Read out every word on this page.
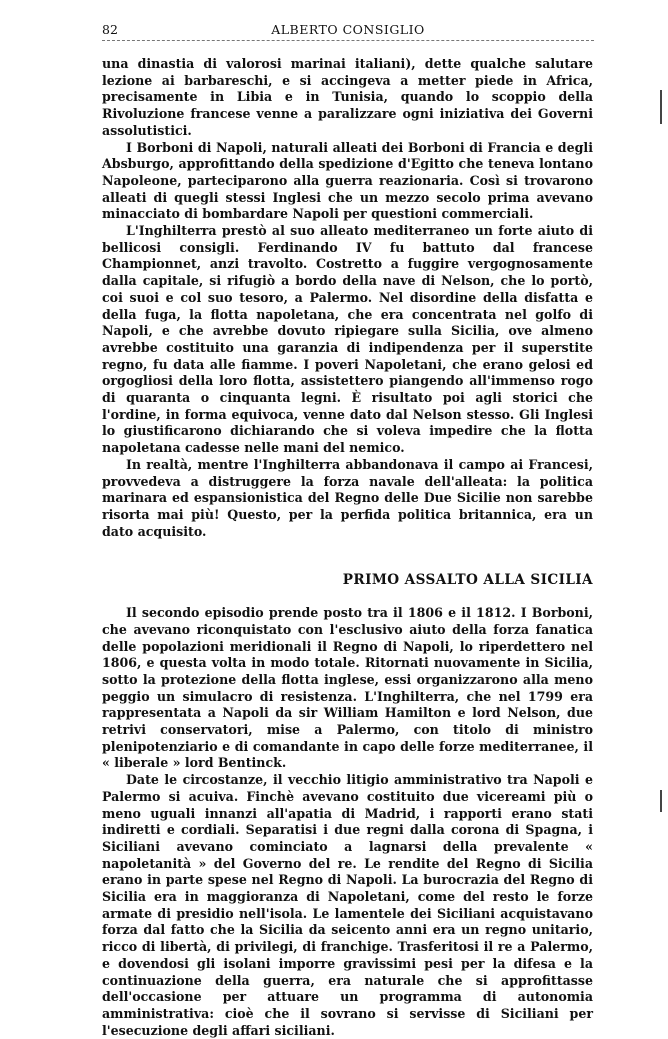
82	ALBERTO CONSIGLIO

una dinastia di valorosi marinai italiani), dette qualche salutare lezione ai barbareschi, e si accingeva a metter piede in Africa, precisamente in Libia e in Tunisia, quando lo scoppio della Rivoluzione francese venne a paralizzare ogni iniziativa dei Governi assolutistici.

I Borboni di Napoli, naturali alleati dei Borboni di Francia e degli Absburgo, approfittando della spedizione d'Egitto che teneva lontano Napoleone, parteciparono alla guerra reazionaria. Così si trovarono alleati di quegli stessi Inglesi che un mezzo secolo prima avevano minacciato di bombardare Napoli per questioni commerciali.

L'Inghilterra prestò al suo alleato mediterraneo un forte aiuto di bellicosi consigli. Ferdinando IV fu battuto dal francese Championnet, anzi travolto. Costretto a fuggire vergognosamente dalla capitale, si rifugiò a bordo della nave di Nelson, che lo portò, coi suoi e col suo tesoro, a Palermo. Nel disordine della disfatta e della fuga, la flotta napoletana, che era concentrata nel golfo di Napoli, e che avrebbe dovuto ripiegare sulla Sicilia, ove almeno avrebbe costituito una garanzia di indipendenza per il superstite regno, fu data alle fiamme. I poveri Napoletani, che erano gelosi ed orgogliosi della loro flotta, assistettero piangendo all'immenso rogo di quaranta o cinquanta legni. È risultato poi agli storici che l'ordine, in forma equivoca, venne dato dal Nelson stesso. Gli Inglesi lo giustificarono dichiarando che si voleva impedire che la flotta napoletana cadesse nelle mani del nemico.

In realtà, mentre l'Inghilterra abbandonava il campo ai Francesi, provvedeva a distruggere la forza navale dell'alleata: la politica marinara ed espansionistica del Regno delle Due Sicilie non sarebbe risorta mai più! Questo, per la perfida politica britannica, era un dato acquisito.

PRIMO ASSALTO ALLA SICILIA

Il secondo episodio prende posto tra il 1806 e il 1812. I Borboni, che avevano riconquistato con l'esclusivo aiuto della forza fanatica delle popolazioni meridionali il Regno di Napoli, lo riperdettero nel 1806, e questa volta in modo totale. Ritornati nuovamente in Sicilia, sotto la protezione della flotta inglese, essi organizzarono alla meno peggio un simulacro di resistenza. L'Inghilterra, che nel 1799 era rappresentata a Napoli da sir William Hamilton e lord Nelson, due retrivi conservatori, mise a Palermo, con titolo di ministro plenipotenziario e di comandante in capo delle forze mediterranee, il « liberale » lord Bentinck.

Date le circostanze, il vecchio litigio amministrativo tra Napoli e Palermo si acuiva. Finchè avevano costituito due vicereami più o meno uguali innanzi all'apatia di Madrid, i rapporti erano stati indiretti e cordiali. Separatisi i due regni dalla corona di Spagna, i Siciliani avevano cominciato a lagnarsi della prevalente « napoletanità » del Governo del re. Le rendite del Regno di Sicilia erano in parte spese nel Regno di Napoli. La burocrazia del Regno di Sicilia era in maggioranza di Napoletani, come del resto le forze armate di presidio nell'isola. Le lamentele dei Siciliani acquistavano forza dal fatto che la Sicilia da seicento anni era un regno unitario, ricco di libertà, di privilegi, di franchige. Trasferitosi il re a Palermo, e dovendosi gli isolani imporre gravissimi pesi per la difesa e la continuazione della guerra, era naturale che si approfittasse dell'occasione per attuare un programma di autonomia amministrativa: cioè che il sovrano si servisse di Siciliani per l'esecuzione degli affari siciliani.
